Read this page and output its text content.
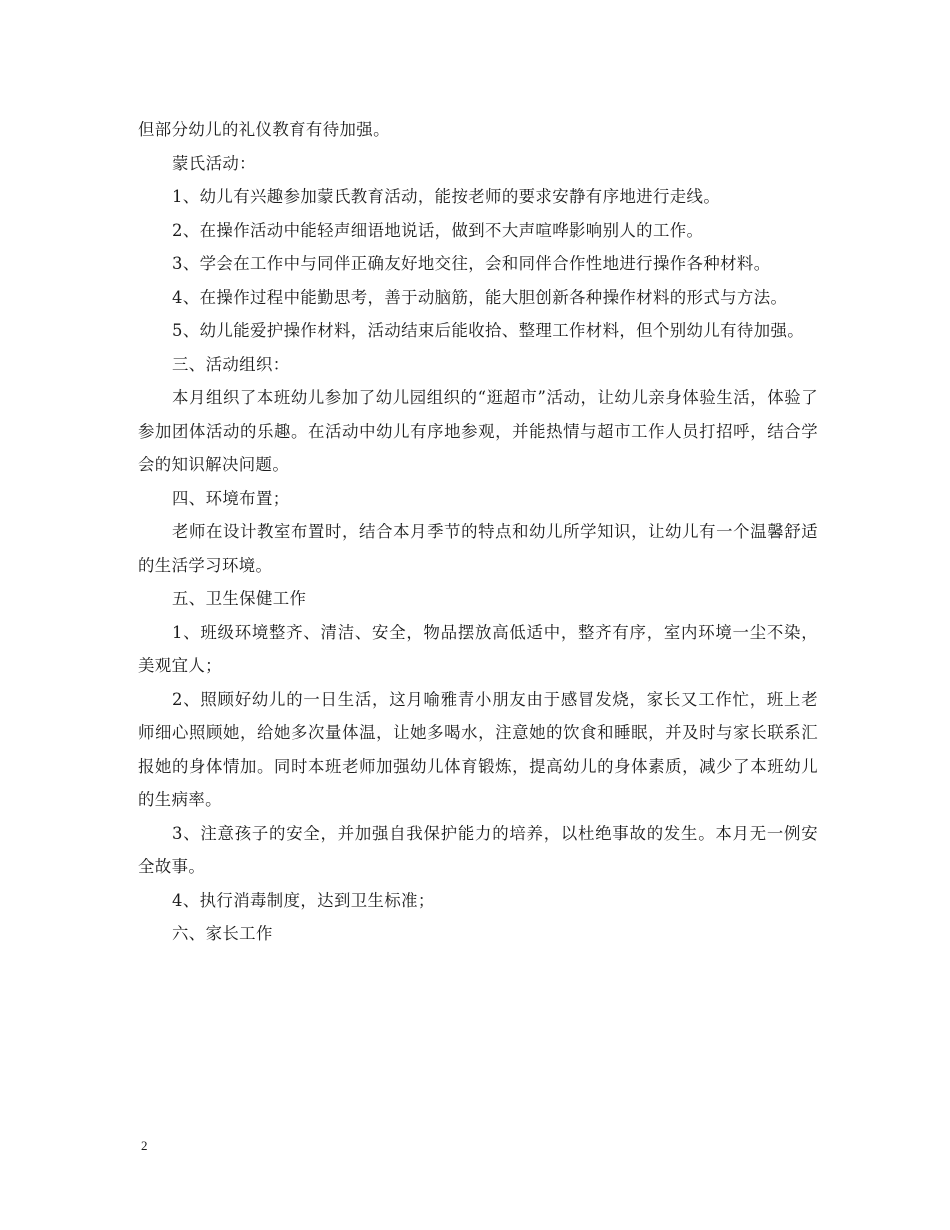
但部分幼儿的礼仪教育有待加强。

蒙氏活动：

1、幼儿有兴趣参加蒙氏教育活动，能按老师的要求安静有序地进行走线。

2、在操作活动中能轻声细语地说话，做到不大声喧哗影响别人的工作。

3、学会在工作中与同伴正确友好地交往，会和同伴合作性地进行操作各种材料。

4、在操作过程中能勤思考，善于动脑筋，能大胆创新各种操作材料的形式与方法。

5、幼儿能爱护操作材料，活动结束后能收拾、整理工作材料，但个别幼儿有待加强。

三、活动组织：

本月组织了本班幼儿参加了幼儿园组织的“逛超市”活动，让幼儿亲身体验生活，体验了参加团体活动的乐趣。在活动中幼儿有序地参观，并能热情与超市工作人员打招呼，结合学会的知识解决问题。

四、环境布置；

老师在设计教室布置时，结合本月季节的特点和幼儿所学知识，让幼儿有一个温馨舒适的生活学习环境。

五、卫生保健工作

1、班级环境整齐、清洁、安全，物品摆放高低适中，整齐有序，室内环境一尘不染，美观宜人；

2、照顾好幼儿的一日生活，这月喻雅青小朋友由于感冒发烧，家长又工作忙，班上老师细心照顾她，给她多次量体温，让她多喝水，注意她的饮食和睡眠，并及时与家长联系汇报她的身体情加。同时本班老师加强幼儿体育锻炼，提高幼儿的身体素质，减少了本班幼儿的生病率。

3、注意孩子的安全，并加强自我保护能力的培养，以杜绝事故的发生。本月无一例安全故事。

4、执行消毒制度，达到卫生标准；

六、家长工作

2
